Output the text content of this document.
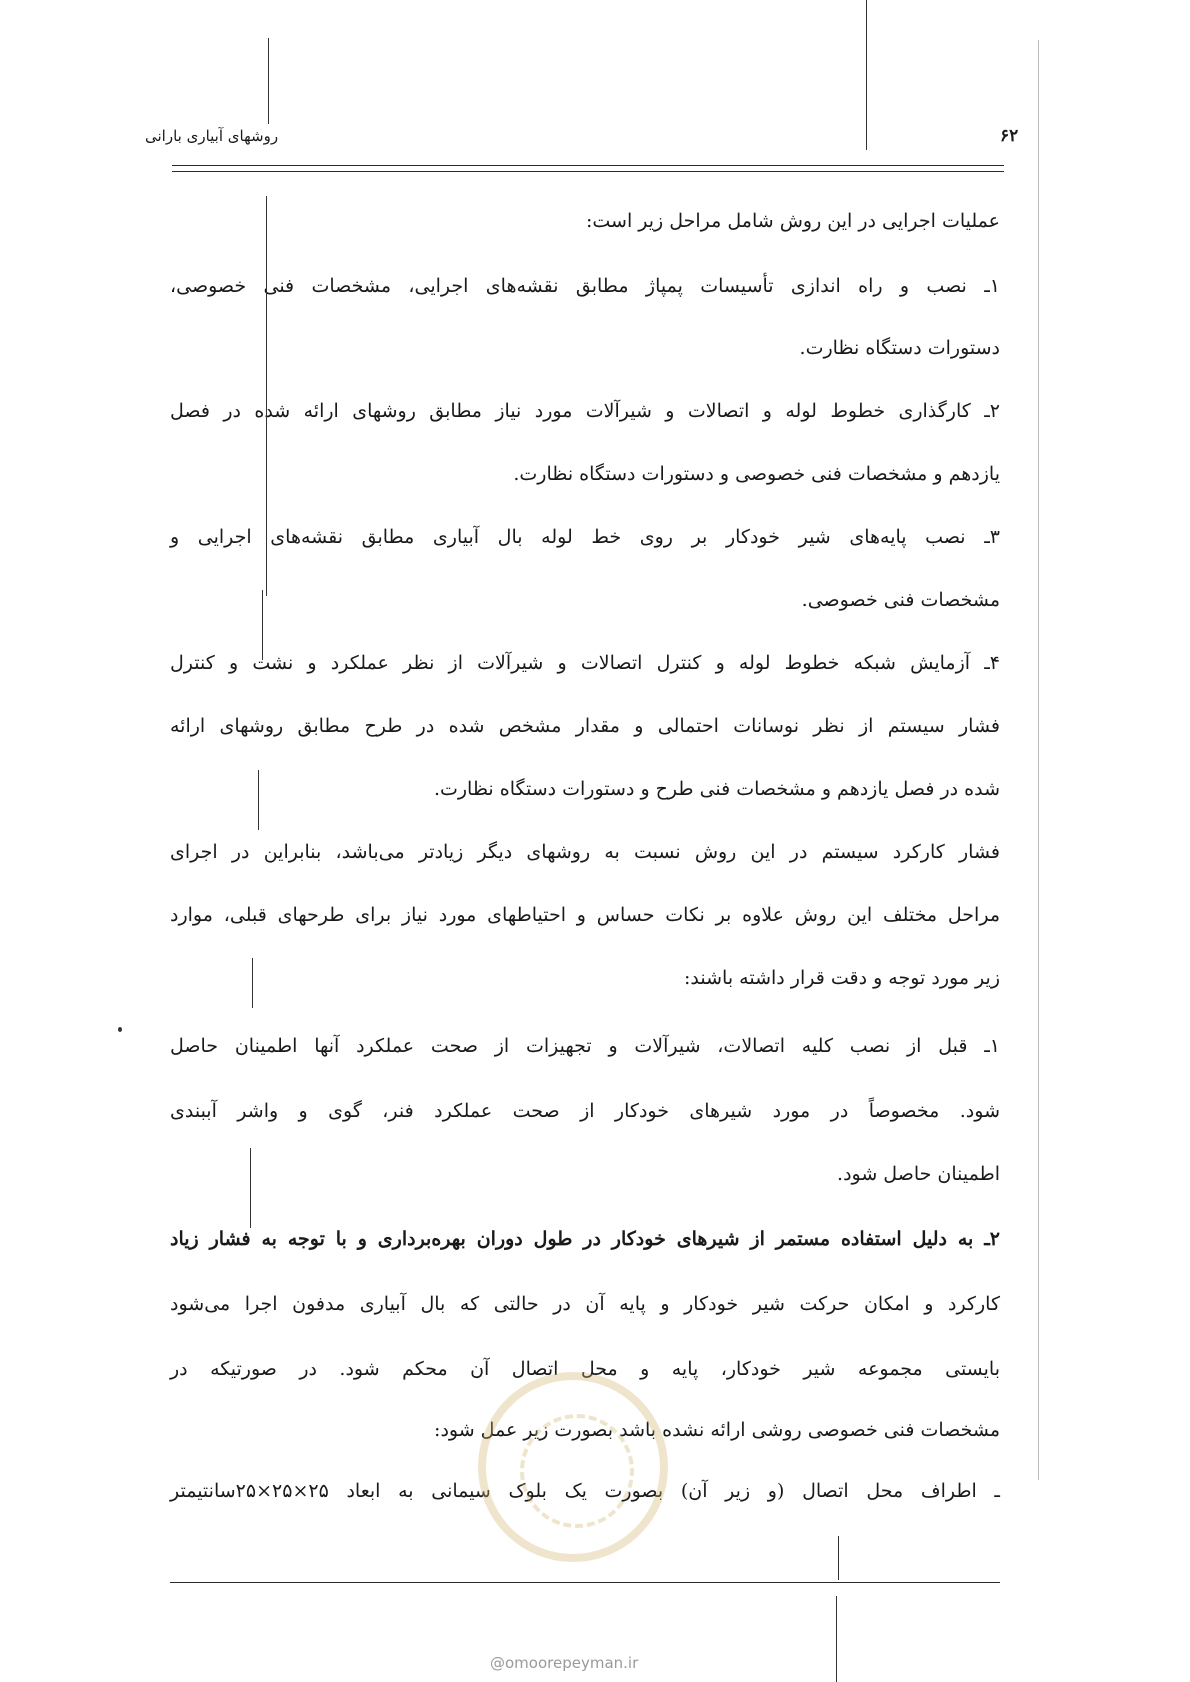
۶۲
روشهای آبیاری بارانی
عملیات اجرایی در این روش شامل مراحل زیر است:
۱ـ نصب و راه اندازی تأسیسات پمپاژ مطابق نقشه‌های اجرایی، مشخصات فنی خصوصی،
دستورات دستگاه نظارت.
۲ـ کارگذاری خطوط لوله و اتصالات و شیرآلات مورد نیاز مطابق روشهای ارائه شده در فصل
یازدهم و مشخصات فنی خصوصی و دستورات دستگاه نظارت.
۳ـ نصب پایه‌های شیر خودکار بر روی خط لوله بال آبیاری مطابق نقشه‌های اجرایی و
مشخصات فنی خصوصی.
۴ـ آزمایش شبکه خطوط لوله و کنترل اتصالات و شیرآلات از نظر عملکرد و نشت و کنترل
فشار سیستم از نظر نوسانات احتمالی و مقدار مشخص شده در طرح مطابق روشهای ارائه
شده در فصل یازدهم و مشخصات فنی طرح و دستورات دستگاه نظارت.
فشار کارکرد سیستم در این روش نسبت به روشهای دیگر زیادتر می‌باشد، بنابراین در اجرای
مراحل مختلف این روش علاوه بر نکات حساس و احتیاطهای مورد نیاز برای طرحهای قبلی، موارد
زیر مورد توجه و دقت قرار داشته باشند:
۱ـ قبل از نصب کلیه اتصالات، شیرآلات و تجهیزات از صحت عملکرد آنها اطمینان حاصل
شود. مخصوصاً در مورد شیرهای خودکار از صحت عملکرد فنر، گوی و واشر آببندی
اطمینان حاصل شود.
۲ـ به دلیل استفاده مستمر از شیرهای خودکار در طول دوران بهره‌برداری و با توجه به فشار زیاد
کارکرد و امکان حرکت شیر خودکار و پایه آن در حالتی که بال آبیاری مدفون اجرا می‌شود
بایستی مجموعه شیر خودکار، پایه و محل اتصال آن محکم شود. در صورتیکه در
مشخصات فنی خصوصی روشی ارائه نشده باشد بصورت زیر عمل شود:
ـ اطراف محل اتصال (و زیر آن) بصورت یک بلوک سیمانی به ابعاد ۲۵×۲۵×۲۵سانتیمتر
@omoorepeyman.ir
